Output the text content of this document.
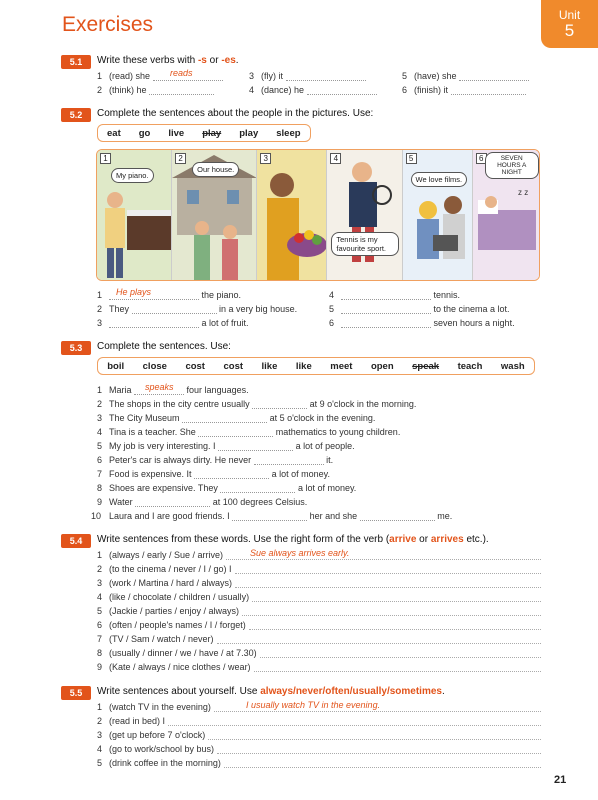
Exercises	Unit
5
5.1	Write these verbs with -s or -es.
1 (read) she	reads
2 (think) he
3 (fly) it
4 (dance) he
5 (have) she
6 (finish) it
5.2	Complete the sentences about the people in the pictures. Use:
eat	go	live	play	play	sleep
1
My piano.
2
Our house.
3	4
Tennis is my favourite sport.
5
We love films.
6
z z
SEVEN HOURS A NIGHT
1	the piano.
He plays
2 They	in a very big house.
3	a lot of fruit.
4	tennis.
5	to the cinema a lot.
6	seven hours a night.
5.3	Complete the sentences. Use:
boil	close	cost	cost	like	like	meet	open	speak	teach	wash
1 Maria	four languages.
speaks
2 The shops in the city centre usually	at 9 o'clock in the morning.
3 The City Museum	at 5 o'clock in the evening.
4 Tina is a teacher. She	mathematics to young children.
5 My job is very interesting. I	a lot of people.
6 Peter's car is always dirty. He never	it.
7 Food is expensive. It	a lot of money.
8 Shoes are expensive. They	a lot of money.
9 Water	at 100 degrees Celsius.
10 Laura and I are good friends. I	her and she	me.
5.4	Write sentences from these words. Use the right form of the verb (arrive or arrives etc.).
1 (always / early / Sue / arrive)	Sue always arrives early.
2 (to the cinema / never / I / go) I
3 (work / Martina / hard / always)
4 (like / chocolate / children / usually)
5 (Jackie / parties / enjoy / always)
6 (often / people's names / I / forget)
7 (TV / Sam / watch / never)
8 (usually / dinner / we / have / at 7.30)
9 (Kate / always / nice clothes / wear)
5.5	Write sentences about yourself. Use always/never/often/usually/sometimes.
1 (watch TV in the evening)	I usually watch TV in the evening.
2 (read in bed) I
3 (get up before 7 o'clock)
4 (go to work/school by bus)
5 (drink coffee in the morning)
21
